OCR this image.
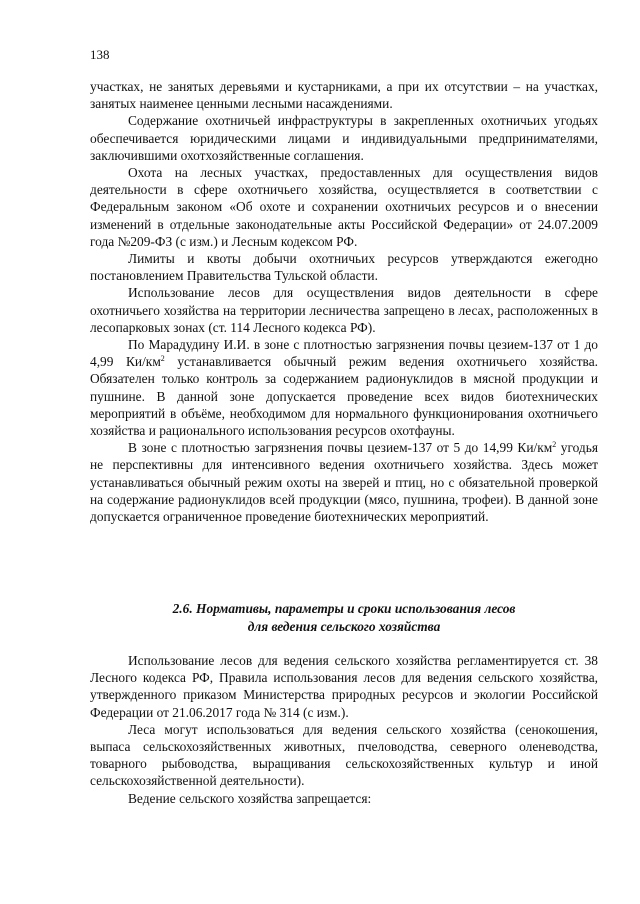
138

участках, не занятых деревьями и кустарниками, а при их отсутствии – на участках, занятых наименее ценными лесными насаждениями.

Содержание охотничьей инфраструктуры в закрепленных охотничьих угодьях обеспечивается юридическими лицами и индивидуальными предпринимателями, заключившими охотхозяйственные соглашения.

Охота на лесных участках, предоставленных для осуществления видов деятельности в сфере охотничьего хозяйства, осуществляется в соответствии с Федеральным законом «Об охоте и сохранении охотничьих ресурсов и о внесении изменений в отдельные законодательные акты Российской Федерации» от 24.07.2009 года №209-ФЗ (с изм.) и Лесным кодексом РФ.

Лимиты и квоты добычи охотничьих ресурсов утверждаются ежегодно постановлением Правительства Тульской области.

Использование лесов для осуществления видов деятельности в сфере охотничьего хозяйства на территории лесничества запрещено в лесах, расположенных в лесопарковых зонах (ст. 114 Лесного кодекса РФ).

По Марадудину И.И. в зоне с плотностью загрязнения почвы цезием-137 от 1 до 4,99 $Ки/км^2$ устанавливается обычный режим ведения охотничьего хозяйства. Обязателен только контроль за содержанием радионуклидов в мясной продукции и пушнине. В данной зоне допускается проведение всех видов биотехнических мероприятий в объёме, необходимом для нормального функционирования охотничьего хозяйства и рационального использования ресурсов охотфауны.

В зоне с плотностью загрязнения почвы цезием-137 от 5 до 14,99 $Ки/км^2$ угодья не перспективны для интенсивного ведения охотничьего хозяйства. Здесь может устанавливаться обычный режим охоты на зверей и птиц, но с обязательной проверкой на содержание радионуклидов всей продукции (мясо, пушнина, трофеи). В данной зоне допускается ограниченное проведение биотехнических мероприятий.

2.6. Нормативы, параметры и сроки использования лесов
для ведения сельского хозяйства

Использование лесов для ведения сельского хозяйства регламентируется ст. 38 Лесного кодекса РФ, Правила использования лесов для ведения сельского хозяйства, утвержденного приказом Министерства природных ресурсов и экологии Российской Федерации от 21.06.2017 года № 314 (с изм.).

Леса могут использоваться для ведения сельского хозяйства (сенокошения, выпаса сельскохозяйственных животных, пчеловодства, северного оленеводства, товарного рыбоводства, выращивания сельскохозяйственных культур и иной сельскохозяйственной деятельности).

Ведение сельского хозяйства запрещается:
